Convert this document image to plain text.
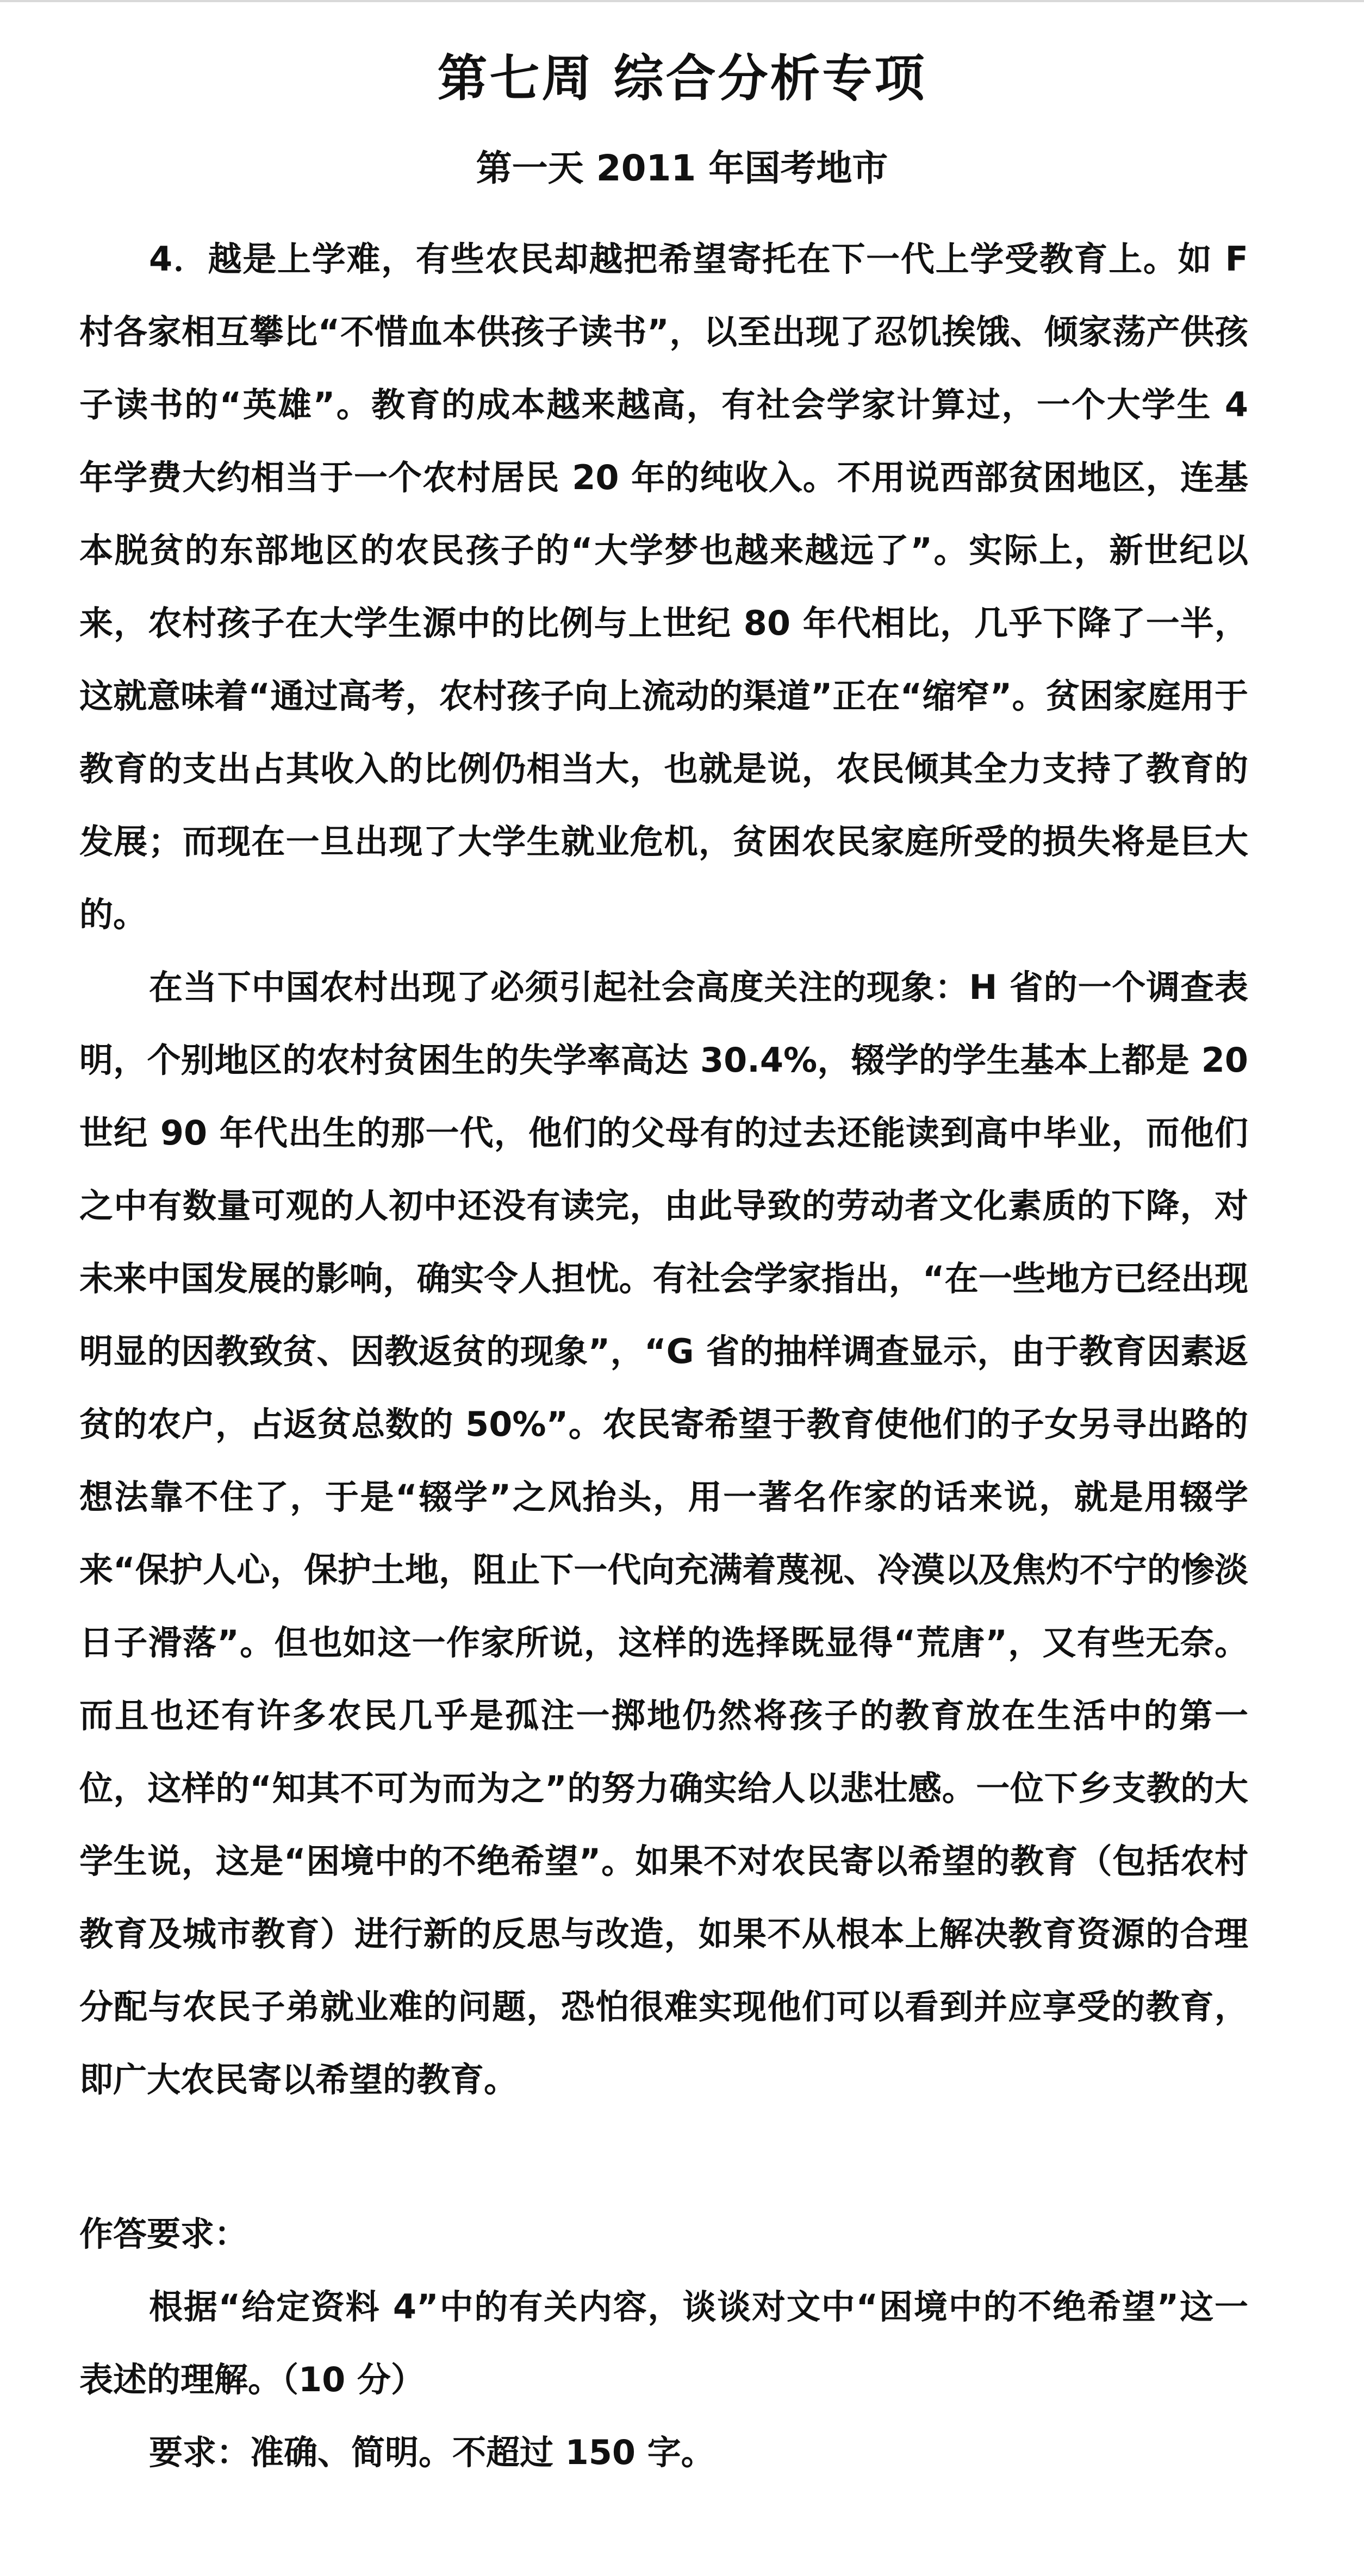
第七周 综合分析专项
第一天 2011 年国考地市

4．越是上学难，有些农民却越把希望寄托在下一代上学受教育上。如 F 村各家相互攀比“不惜血本供孩子读书”，以至出现了忍饥挨饿、倾家荡产供孩子读书的“英雄”。教育的成本越来越高，有社会学家计算过，一个大学生 4 年学费大约相当于一个农村居民 20 年的纯收入。不用说西部贫困地区，连基本脱贫的东部地区的农民孩子的“大学梦也越来越远了”。实际上，新世纪以来，农村孩子在大学生源中的比例与上世纪 80 年代相比，几乎下降了一半，这就意味着“通过高考，农村孩子向上流动的渠道”正在“缩窄”。贫困家庭用于教育的支出占其收入的比例仍相当大，也就是说，农民倾其全力支持了教育的发展；而现在一旦出现了大学生就业危机，贫困农民家庭所受的损失将是巨大的。

在当下中国农村出现了必须引起社会高度关注的现象：H 省的一个调查表明，个别地区的农村贫困生的失学率高达 30.4%，辍学的学生基本上都是 20 世纪 90 年代出生的那一代，他们的父母有的过去还能读到高中毕业，而他们之中有数量可观的人初中还没有读完，由此导致的劳动者文化素质的下降，对未来中国发展的影响，确实令人担忧。有社会学家指出，“在一些地方已经出现明显的因教致贫、因教返贫的现象”，“G 省的抽样调查显示，由于教育因素返贫的农户，占返贫总数的 50%”。农民寄希望于教育使他们的子女另寻出路的想法靠不住了，于是“辍学”之风抬头，用一著名作家的话来说，就是用辍学来“保护人心，保护土地，阻止下一代向充满着蔑视、冷漠以及焦灼不宁的惨淡日子滑落”。但也如这一作家所说，这样的选择既显得“荒唐”，又有些无奈。而且也还有许多农民几乎是孤注一掷地仍然将孩子的教育放在生活中的第一位，这样的“知其不可为而为之”的努力确实给人以悲壮感。一位下乡支教的大学生说，这是“困境中的不绝希望”。如果不对农民寄以希望的教育（包括农村教育及城市教育）进行新的反思与改造，如果不从根本上解决教育资源的合理分配与农民子弟就业难的问题，恐怕很难实现他们可以看到并应享受的教育，即广大农民寄以希望的教育。

作答要求：

根据“给定资料 4”中的有关内容，谈谈对文中“困境中的不绝希望”这一表述的理解。（10 分）

要求：准确、简明。不超过 150 字。
